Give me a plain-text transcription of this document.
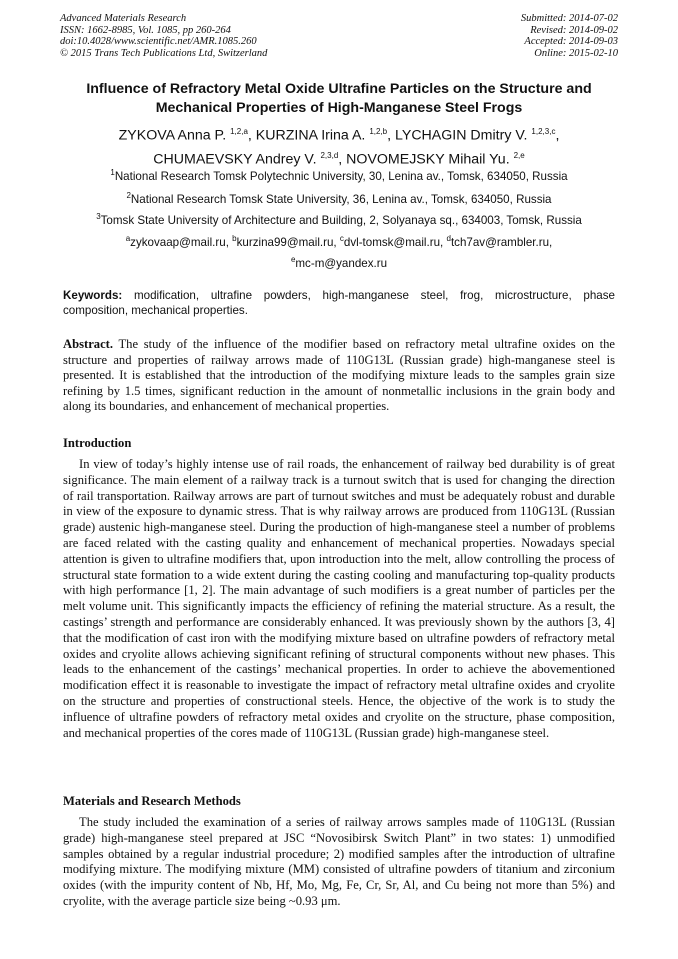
Advanced Materials Research
ISSN: 1662-8985, Vol. 1085, pp 260-264
doi:10.4028/www.scientific.net/AMR.1085.260
© 2015 Trans Tech Publications Ltd, Switzerland
Submitted: 2014-07-02
Revised: 2014-09-02
Accepted: 2014-09-03
Online: 2015-02-10
Influence of Refractory Metal Oxide Ultrafine Particles on the Structure and Mechanical Properties of High-Manganese Steel Frogs
ZYKOVA Anna P. $^{1,2,a}$, KURZINA Irina A. $^{1,2,b}$, LYCHAGIN Dmitry V. $^{1,2,3,c}$,
CHUMAEVSKY Andrey V. $^{2,3,d}$, NOVOMEJSKY Mihail Yu. $^{2,e}$
$^1$National Research Tomsk Polytechnic University, 30, Lenina av., Tomsk, 634050, Russia
$^2$National Research Tomsk State University, 36, Lenina av., Tomsk, 634050, Russia
$^3$Tomsk State University of Architecture and Building, 2, Solyanaya sq., 634003, Tomsk, Russia
$^a$zykovaap@mail.ru, $^b$kurzina99@mail.ru, $^c$dvl-tomsk@mail.ru, $^d$tch7av@rambler.ru,
$^e$mc-m@yandex.ru
Keywords: modification, ultrafine powders, high-manganese steel, frog, microstructure, phase composition, mechanical properties.
Abstract. The study of the influence of the modifier based on refractory metal ultrafine oxides on the structure and properties of railway arrows made of 110G13L (Russian grade) high-manganese steel is presented. It is established that the introduction of the modifying mixture leads to the samples grain size refining by 1.5 times, significant reduction in the amount of nonmetallic inclusions in the grain body and along its boundaries, and enhancement of mechanical properties.
Introduction

In view of today’s highly intense use of rail roads, the enhancement of railway bed durability is of great significance. The main element of a railway track is a turnout switch that is used for changing the direction of rail transportation. Railway arrows are part of turnout switches and must be adequately robust and durable in view of the exposure to dynamic stress. That is why railway arrows are produced from 110G13L (Russian grade) austenic high-manganese steel. During the production of high-manganese steel a number of problems are faced related with the casting quality and enhancement of mechanical properties. Nowadays special attention is given to ultrafine modifiers that, upon introduction into the melt, allow controlling the process of structural state formation to a wide extent during the casting cooling and manufacturing top-quality products with high performance [1, 2]. The main advantage of such modifiers is a great number of particles per the melt volume unit. This significantly impacts the efficiency of refining the material structure. As a result, the castings’ strength and performance are considerably enhanced. It was previously shown by the authors [3, 4] that the modification of cast iron with the modifying mixture based on ultrafine powders of refractory metal oxides and cryolite allows achieving significant refining of structural components without new phases. This leads to the enhancement of the castings’ mechanical properties. In order to achieve the abovementioned modification effect it is reasonable to investigate the impact of refractory metal ultrafine oxides and cryolite on the structure and properties of constructional steels. Hence, the objective of the work is to study the influence of ultrafine powders of refractory metal oxides and cryolite on the structure, phase composition, and mechanical properties of the cores made of 110G13L (Russian grade) high-manganese steel.

Materials and Research Methods

The study included the examination of a series of railway arrows samples made of 110G13L (Russian grade) high-manganese steel prepared at JSC “Novosibirsk Switch Plant” in two states: 1) unmodified samples obtained by a regular industrial procedure; 2) modified samples after the introduction of ultrafine modifying mixture. The modifying mixture (MM) consisted of ultrafine powders of titanium and zirconium oxides (with the impurity content of Nb, Hf, Mo, Mg, Fe, Cr, Sr, Al, and Cu being not more than 5%) and cryolite, with the average particle size being ~0.93 μm.
